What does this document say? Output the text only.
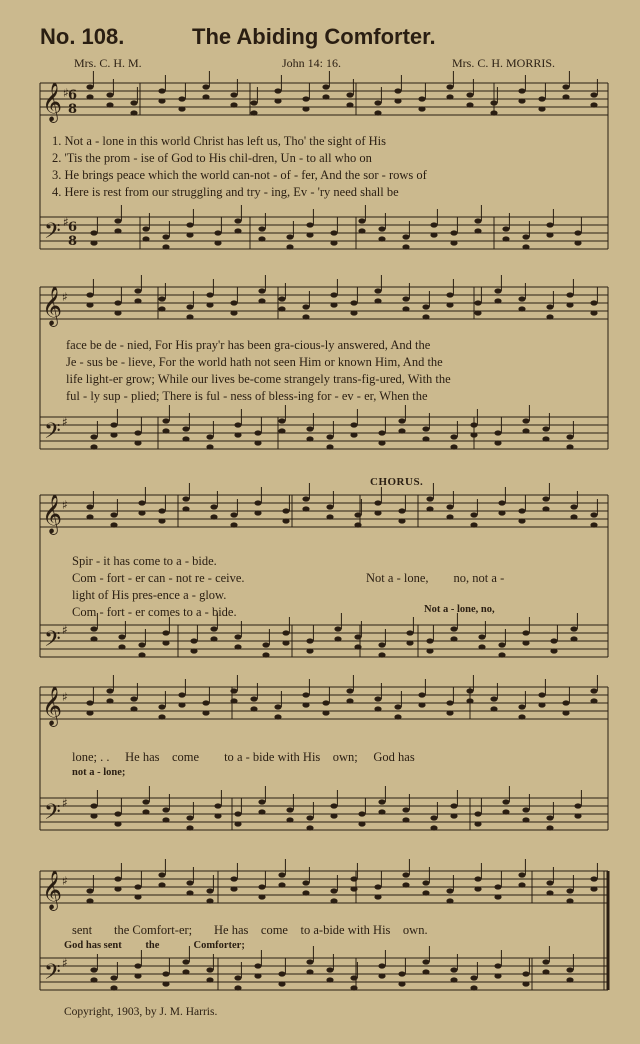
No. 108.	The Abiding Comforter.
Mrs. C. H. M.	John 14: 16.	Mrs. C. H. MORRIS.
𝄞 ♯ 6
8
𝄢 ♯ 6
8
𝄞 ♯
𝄢 ♯
𝄞 ♯
𝄢 ♯
𝄞 ♯
𝄢 ♯
𝄞 ♯
𝄢 ♯
1. Not a - lone in this world Christ has left us, Tho' the sight of His
2. 'Tis the prom - ise of God to His chil-dren, Un - to all who on
3. He brings peace which the world can-not - of - fer, And the sor - rows of
4. Here is rest from our struggling and try - ing, Ev - 'ry need shall be
face be de - nied, For His pray'r has been gra-cious-ly answered, And the
Je - sus be - lieve, For the world hath not seen Him or known Him, And the
life light-er grow; While our lives be-come strangely trans-fig-ured, With the
ful - ly sup - plied; There is ful - ness of bless-ing for - ev - er, When the
CHORUS.
Spir - it has come to a - bide.
Com - fort - er can - not re - ceive.	Not a - lone, no, not a -
light of His pres-ence a - glow.
Com - fort - er comes to a - bide.	Not a - lone, no,
lone; . . He has come to a - bide with His own; God has
not a - lone;
sent the Comfort-er; He has come to a-bide with His own.
God has sent the	Comforter;
Copyright, 1903, by J. M. Harris.
